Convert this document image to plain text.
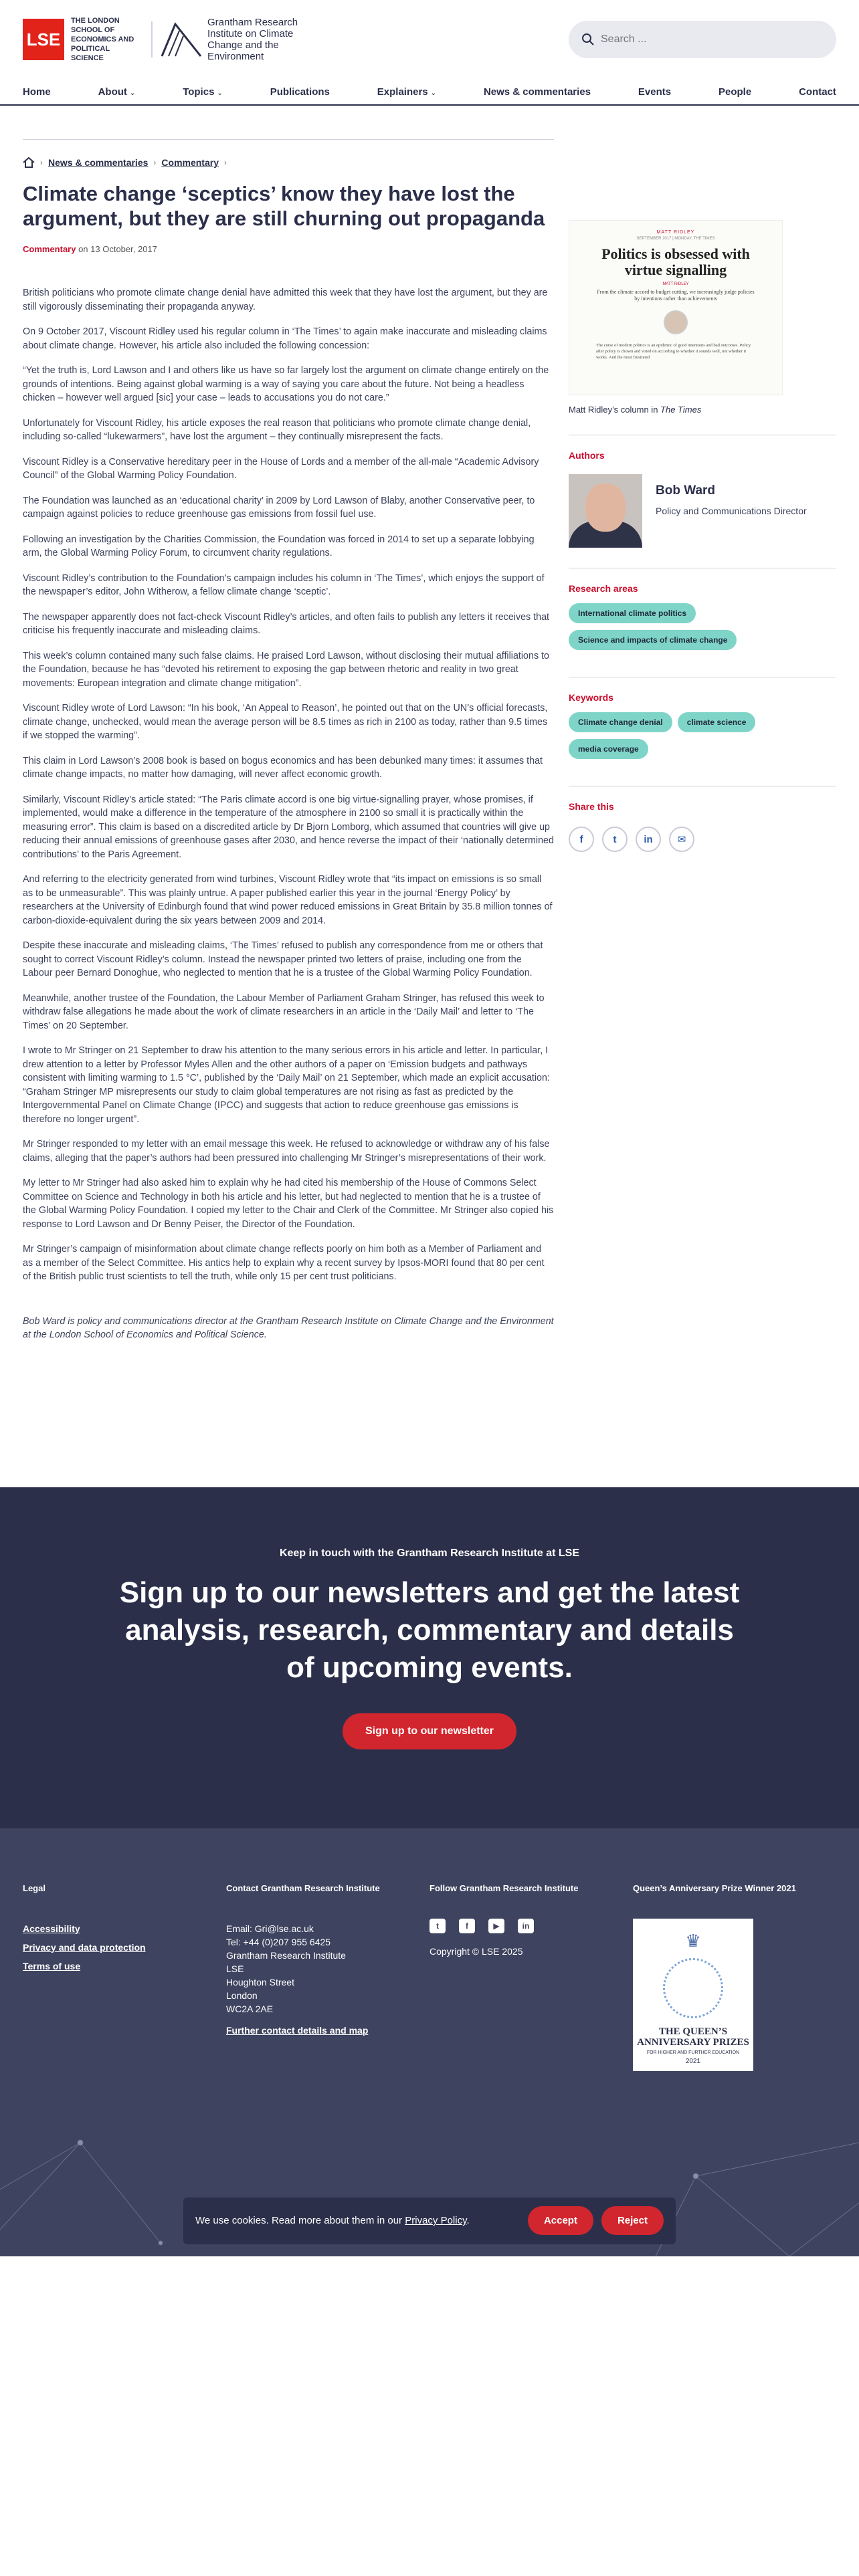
LSE
THE LONDON SCHOOL OF ECONOMICS AND POLITICAL SCIENCE
Grantham Research Institute on Climate Change and the Environment
Search ...
Home	About ⌄	Topics ⌄	Publications	Explainers ⌄	News & commentaries	Events	People	Contact
› News & commentaries › Commentary ›
Climate change ‘sceptics’ know they have lost the argument, but they are still churning out propaganda
Commentary on 13 October, 2017

British politicians who promote climate change denial have admitted this week that they have lost the argument, but they are still vigorously disseminating their propaganda anyway.

On 9 October 2017, Viscount Ridley used his regular column in ‘The Times’ to again make inaccurate and misleading claims about climate change. However, his article also included the following concession:

“Yet the truth is, Lord Lawson and I and others like us have so far largely lost the argument on climate change entirely on the grounds of intentions. Being against global warming is a way of saying you care about the future. Not being a headless chicken – however well argued [sic] your case – leads to accusations you do not care.”

Unfortunately for Viscount Ridley, his article exposes the real reason that politicians who promote climate change denial, including so-called “lukewarmers”, have lost the argument – they continually misrepresent the facts.

Viscount Ridley is a Conservative hereditary peer in the House of Lords and a member of the all-male “Academic Advisory Council” of the Global Warming Policy Foundation.

The Foundation was launched as an ‘educational charity’ in 2009 by Lord Lawson of Blaby, another Conservative peer, to campaign against policies to reduce greenhouse gas emissions from fossil fuel use.

Following an investigation by the Charities Commission, the Foundation was forced in 2014 to set up a separate lobbying arm, the Global Warming Policy Forum, to circumvent charity regulations.

Viscount Ridley’s contribution to the Foundation’s campaign includes his column in ‘The Times’, which enjoys the support of the newspaper’s editor, John Witherow, a fellow climate change ‘sceptic’.

The newspaper apparently does not fact-check Viscount Ridley’s articles, and often fails to publish any letters it receives that criticise his frequently inaccurate and misleading claims.

This week’s column contained many such false claims. He praised Lord Lawson, without disclosing their mutual affiliations to the Foundation, because he has “devoted his retirement to exposing the gap between rhetoric and reality in two great movements: European integration and climate change mitigation”.

Viscount Ridley wrote of Lord Lawson: “In his book, ‘An Appeal to Reason’, he pointed out that on the UN’s official forecasts, climate change, unchecked, would mean the average person will be 8.5 times as rich in 2100 as today, rather than 9.5 times if we stopped the warming”.

This claim in Lord Lawson’s 2008 book is based on bogus economics and has been debunked many times: it assumes that climate change impacts, no matter how damaging, will never affect economic growth.

Similarly, Viscount Ridley’s article stated: “The Paris climate accord is one big virtue-signalling prayer, whose promises, if implemented, would make a difference in the temperature of the atmosphere in 2100 so small it is practically within the measuring error”. This claim is based on a discredited article by Dr Bjorn Lomborg, which assumed that countries will give up reducing their annual emissions of greenhouse gases after 2030, and hence reverse the impact of their ‘nationally determined contributions’ to the Paris Agreement.

And referring to the electricity generated from wind turbines, Viscount Ridley wrote that “its impact on emissions is so small as to be unmeasurable”. This was plainly untrue. A paper published earlier this year in the journal ‘Energy Policy’ by researchers at the University of Edinburgh found that wind power reduced emissions in Great Britain by 35.8 million tonnes of carbon-dioxide-equivalent during the six years between 2009 and 2014.

Despite these inaccurate and misleading claims, ‘The Times’ refused to publish any correspondence from me or others that sought to correct Viscount Ridley’s column. Instead the newspaper printed two letters of praise, including one from the Labour peer Bernard Donoghue, who neglected to mention that he is a trustee of the Global Warming Policy Foundation.

Meanwhile, another trustee of the Foundation, the Labour Member of Parliament Graham Stringer, has refused this week to withdraw false allegations he made about the work of climate researchers in an article in the ‘Daily Mail’ and letter to ‘The Times’ on 20 September.

I wrote to Mr Stringer on 21 September to draw his attention to the many serious errors in his article and letter. In particular, I drew attention to a letter by Professor Myles Allen and the other authors of a paper on ‘Emission budgets and pathways consistent with limiting warming to 1.5 °C’, published by the ‘Daily Mail’ on 21 September, which made an explicit accusation: “Graham Stringer MP misrepresents our study to claim global temperatures are not rising as fast as predicted by the Intergovernmental Panel on Climate Change (IPCC) and suggests that action to reduce greenhouse gas emissions is therefore no longer urgent”.

Mr Stringer responded to my letter with an email message this week. He refused to acknowledge or withdraw any of his false claims, alleging that the paper’s authors had been pressured into challenging Mr Stringer’s misrepresentations of their work.

My letter to Mr Stringer had also asked him to explain why he had cited his membership of the House of Commons Select Committee on Science and Technology in both his article and his letter, but had neglected to mention that he is a trustee of the Global Warming Policy Foundation. I copied my letter to the Chair and Clerk of the Committee. Mr Stringer also copied his response to Lord Lawson and Dr Benny Peiser, the Director of the Foundation.

Mr Stringer’s campaign of misinformation about climate change reflects poorly on him both as a Member of Parliament and as a member of the Select Committee. His antics help to explain why a recent survey by Ipsos-MORI found that 80 per cent of the British public trust scientists to tell the truth, while only 15 per cent trust politicians.

Bob Ward is policy and communications director at the Grantham Research Institute on Climate Change and the Environment at the London School of Economics and Political Science.

MATT RIDLEY
SEPTEMBER 2017 | MONDAY, THE TIMES
Politics is obsessed with virtue signalling
MATT RIDLEY
From the climate accord to budget cutting, we increasingly judge policies by intentions rather than achievements
The curse of modern politics is an epidemic of good intentions and bad outcomes. Policy after policy is chosen and voted on according to whether it sounds well, not whether it works. And the most frustrated
Matt Ridley’s column in The Times
Authors
Bob Ward
Policy and Communications Director
Research areas
International climate politics
Science and impacts of climate change
Keywords
Climate change denial	climate science
media coverage
Share this
f	t	in	✉
Keep in touch with the Grantham Research Institute at LSE
Sign up to our newsletters and get the latest analysis, research, commentary and details of upcoming events.
Sign up to our newsletter
Legal
Accessibility
Privacy and data protection
Terms of use
Contact Grantham Research Institute
Email: Gri@lse.ac.uk
Tel: +44 (0)207 955 6425
Grantham Research Institute
LSE
Houghton Street
London
WC2A 2AE
Further contact details and map
Follow Grantham Research Institute
t	f	▶	in
Copyright © LSE 2025
Queen’s Anniversary Prize Winner 2021
♛
THE QUEEN’S ANNIVERSARY PRIZES
FOR HIGHER AND FURTHER EDUCATION
2021
We use cookies. Read more about them in our Privacy Policy.	Accept	Reject
